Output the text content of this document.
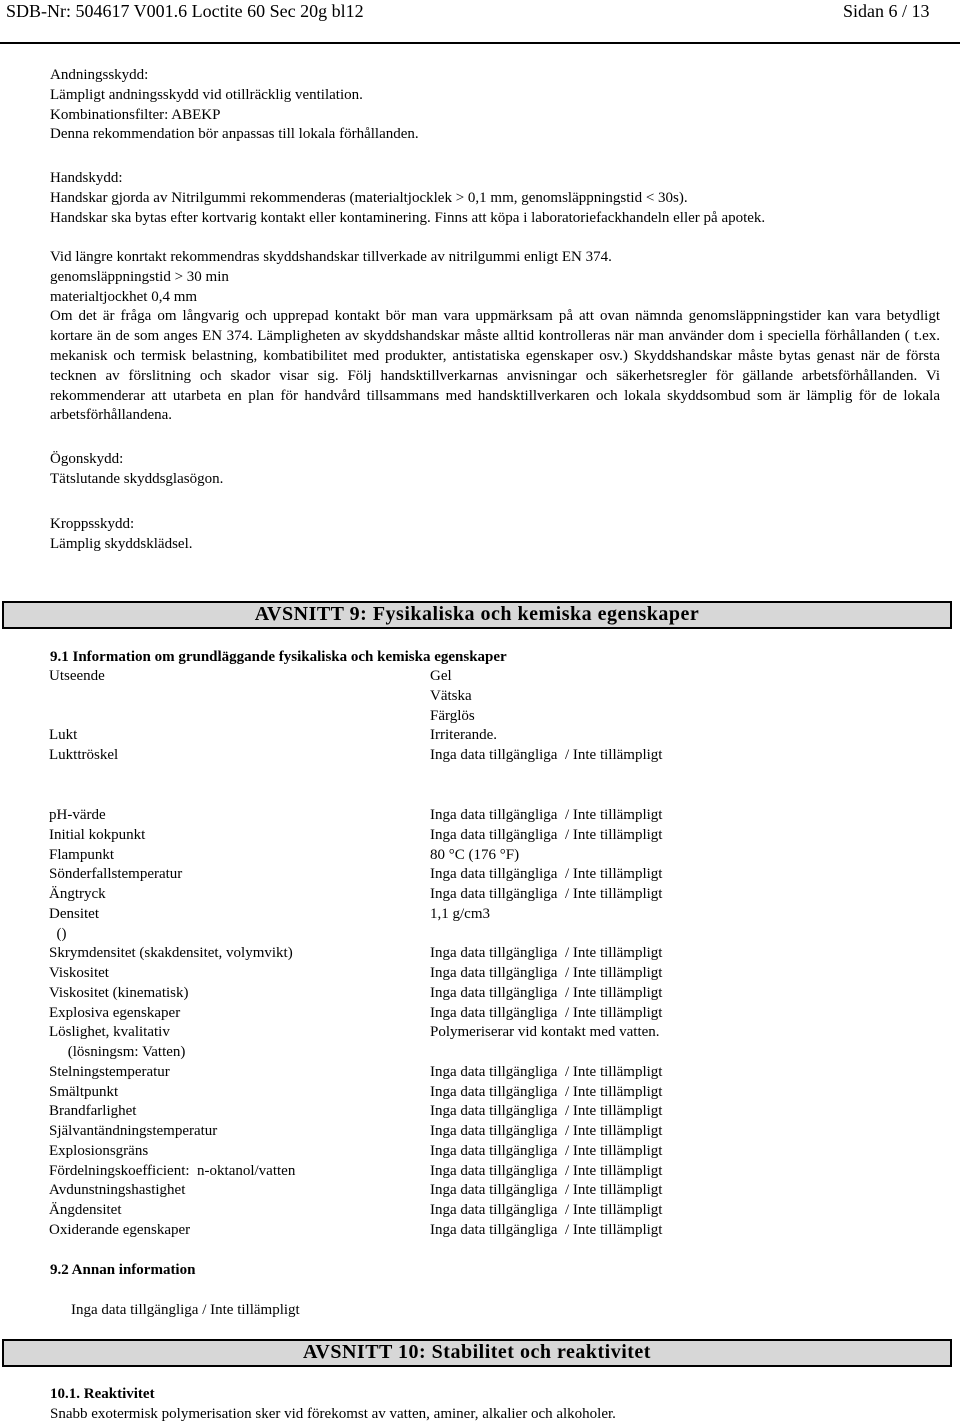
SDB-Nr: 504617 V001.6 Loctite 60 Sec 20g bl12	Sidan 6 / 13
Andningsskydd:
Lämpligt andningsskydd vid otillräcklig ventilation.
Kombinationsfilter: ABEKP
Denna rekommendation bör anpassas till lokala förhållanden.
Handskydd:
Handskar gjorda av Nitrilgummi rekommenderas (materialtjocklek > 0,1 mm, genomsläppningstid < 30s).
Handskar ska bytas efter kortvarig kontakt eller kontaminering. Finns att köpa i laboratoriefackhandeln eller på apotek.
Vid längre konrtakt rekommendras skyddshandskar tillverkade av nitrilgummi enligt EN 374.
genomsläppningstid > 30 min
materialtjockhet 0,4 mm
Om det är fråga om långvarig och upprepad kontakt bör man vara uppmärksam på att ovan nämnda genomsläppningstider kan vara betydligt kortare än de som anges EN 374. Lämpligheten av skyddshandskar måste alltid kontrolleras när man använder dom i speciella förhållanden ( t.ex. mekanisk och termisk belastning, kombatibilitet med produkter, antistatiska egenskaper osv.) Skyddshandskar måste bytas genast när de första tecknen av förslitning och skador visar sig. Följ handsktillverkarnas anvisningar och säkerhetsregler för gällande arbetsförhållanden. Vi rekommenderar att utarbeta en plan för handvård tillsammans med handsktillverkaren och lokala skyddsombud som är lämplig för de lokala arbetsförhållandena.
Ögonskydd:
Tätslutande skyddsglasögon.
Kroppsskydd:
Lämplig skyddsklädsel.
AVSNITT 9: Fysikaliska och kemiska egenskaper
9.1 Information om grundläggande fysikaliska och kemiska egenskaper
Utseende	Gel
Vätska
Färglös
Lukt	Irriterande.
Lukttröskel	Inga data tillgängliga  / Inte tillämpligt
pH-värde	Inga data tillgängliga  / Inte tillämpligt
Initial kokpunkt	Inga data tillgängliga  / Inte tillämpligt
Flampunkt	80 °C (176 °F)
Sönderfallstemperatur	Inga data tillgängliga  / Inte tillämpligt
Ängtryck	Inga data tillgängliga  / Inte tillämpligt
Densitet	1,1 g/cm3
()
Skrymdensitet (skakdensitet, volymvikt)	Inga data tillgängliga  / Inte tillämpligt
Viskositet	Inga data tillgängliga  / Inte tillämpligt
Viskositet (kinematisk)	Inga data tillgängliga  / Inte tillämpligt
Explosiva egenskaper	Inga data tillgängliga  / Inte tillämpligt
Löslighet, kvalitativ	Polymeriserar vid kontakt med vatten.
(lösningsm: Vatten)
Stelningstemperatur	Inga data tillgängliga  / Inte tillämpligt
Smältpunkt	Inga data tillgängliga  / Inte tillämpligt
Brandfarlighet	Inga data tillgängliga  / Inte tillämpligt
Självantändningstemperatur	Inga data tillgängliga  / Inte tillämpligt
Explosionsgräns	Inga data tillgängliga  / Inte tillämpligt
Fördelningskoefficient:  n-oktanol/vatten	Inga data tillgängliga  / Inte tillämpligt
Avdunstningshastighet	Inga data tillgängliga  / Inte tillämpligt
Ängdensitet	Inga data tillgängliga  / Inte tillämpligt
Oxiderande egenskaper	Inga data tillgängliga  / Inte tillämpligt
9.2 Annan information
Inga data tillgängliga / Inte tillämpligt
AVSNITT 10: Stabilitet och reaktivitet
10.1. Reaktivitet
Snabb exotermisk polymerisation sker vid förekomst av vatten, aminer, alkalier och alkoholer.
